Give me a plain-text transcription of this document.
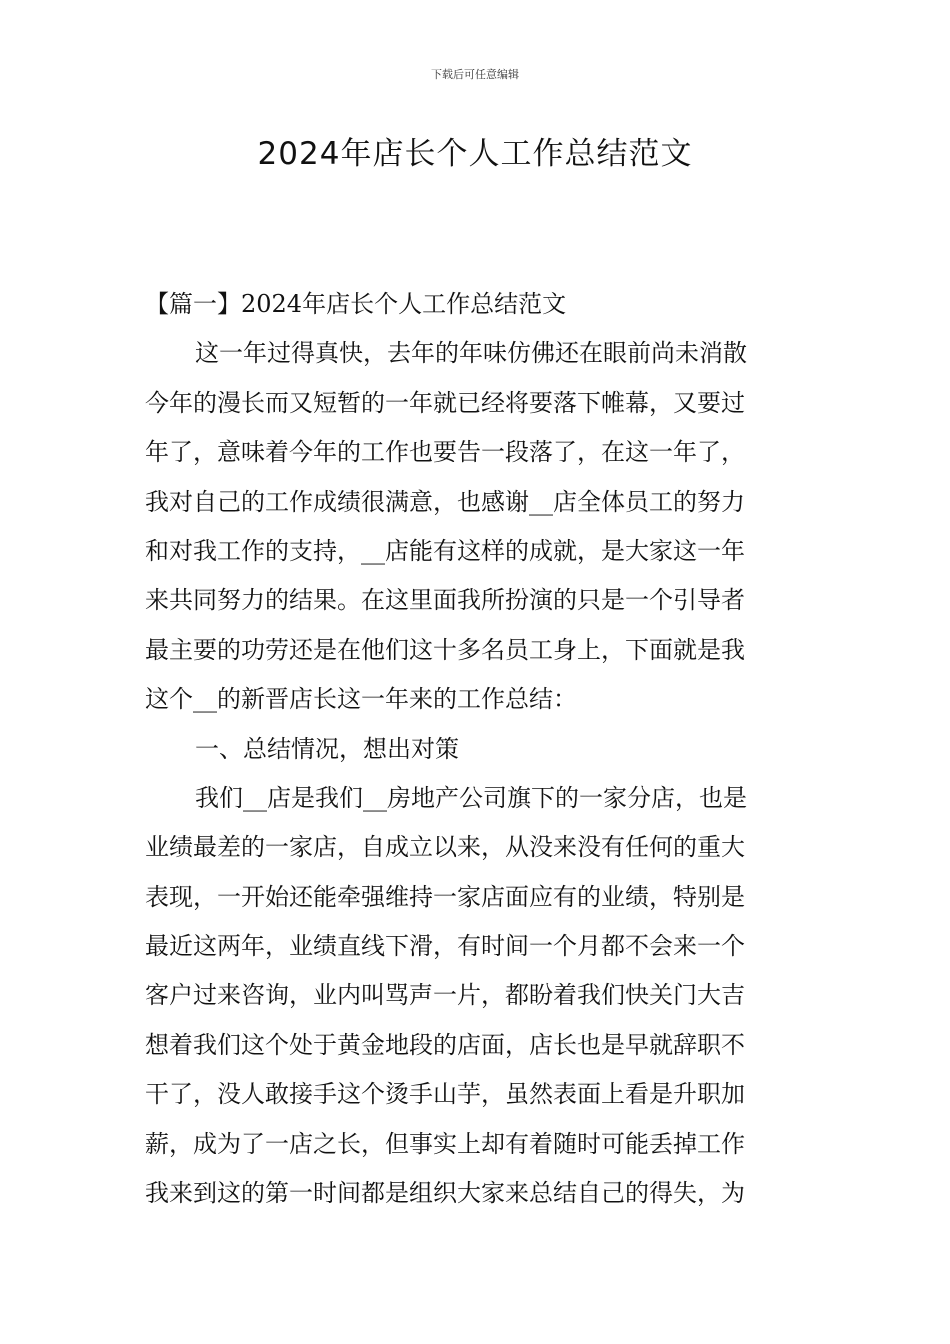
下载后可任意编辑
2024年店长个人工作总结范文
【篇一】2024年店长个人工作总结范文
这一年过得真快，去年的年味仿佛还在眼前尚未消散
今年的漫长而又短暂的一年就已经将要落下帷幕，又要过
年了，意味着今年的工作也要告一段落了，在这一年了，
我对自己的工作成绩很满意，也感谢__店全体员工的努力
和对我工作的支持，__店能有这样的成就，是大家这一年
来共同努力的结果。在这里面我所扮演的只是一个引导者
最主要的功劳还是在他们这十多名员工身上，下面就是我
这个__的新晋店长这一年来的工作总结：
一、总结情况，想出对策
我们__店是我们__房地产公司旗下的一家分店，也是
业绩最差的一家店，自成立以来，从没来没有任何的重大
表现，一开始还能牵强维持一家店面应有的业绩，特别是
最近这两年，业绩直线下滑，有时间一个月都不会来一个
客户过来咨询，业内叫骂声一片，都盼着我们快关门大吉
想着我们这个处于黄金地段的店面，店长也是早就辞职不
干了，没人敢接手这个烫手山芋，虽然表面上看是升职加
薪，成为了一店之长，但事实上却有着随时可能丢掉工作
我来到这的第一时间都是组织大家来总结自己的得失，为
